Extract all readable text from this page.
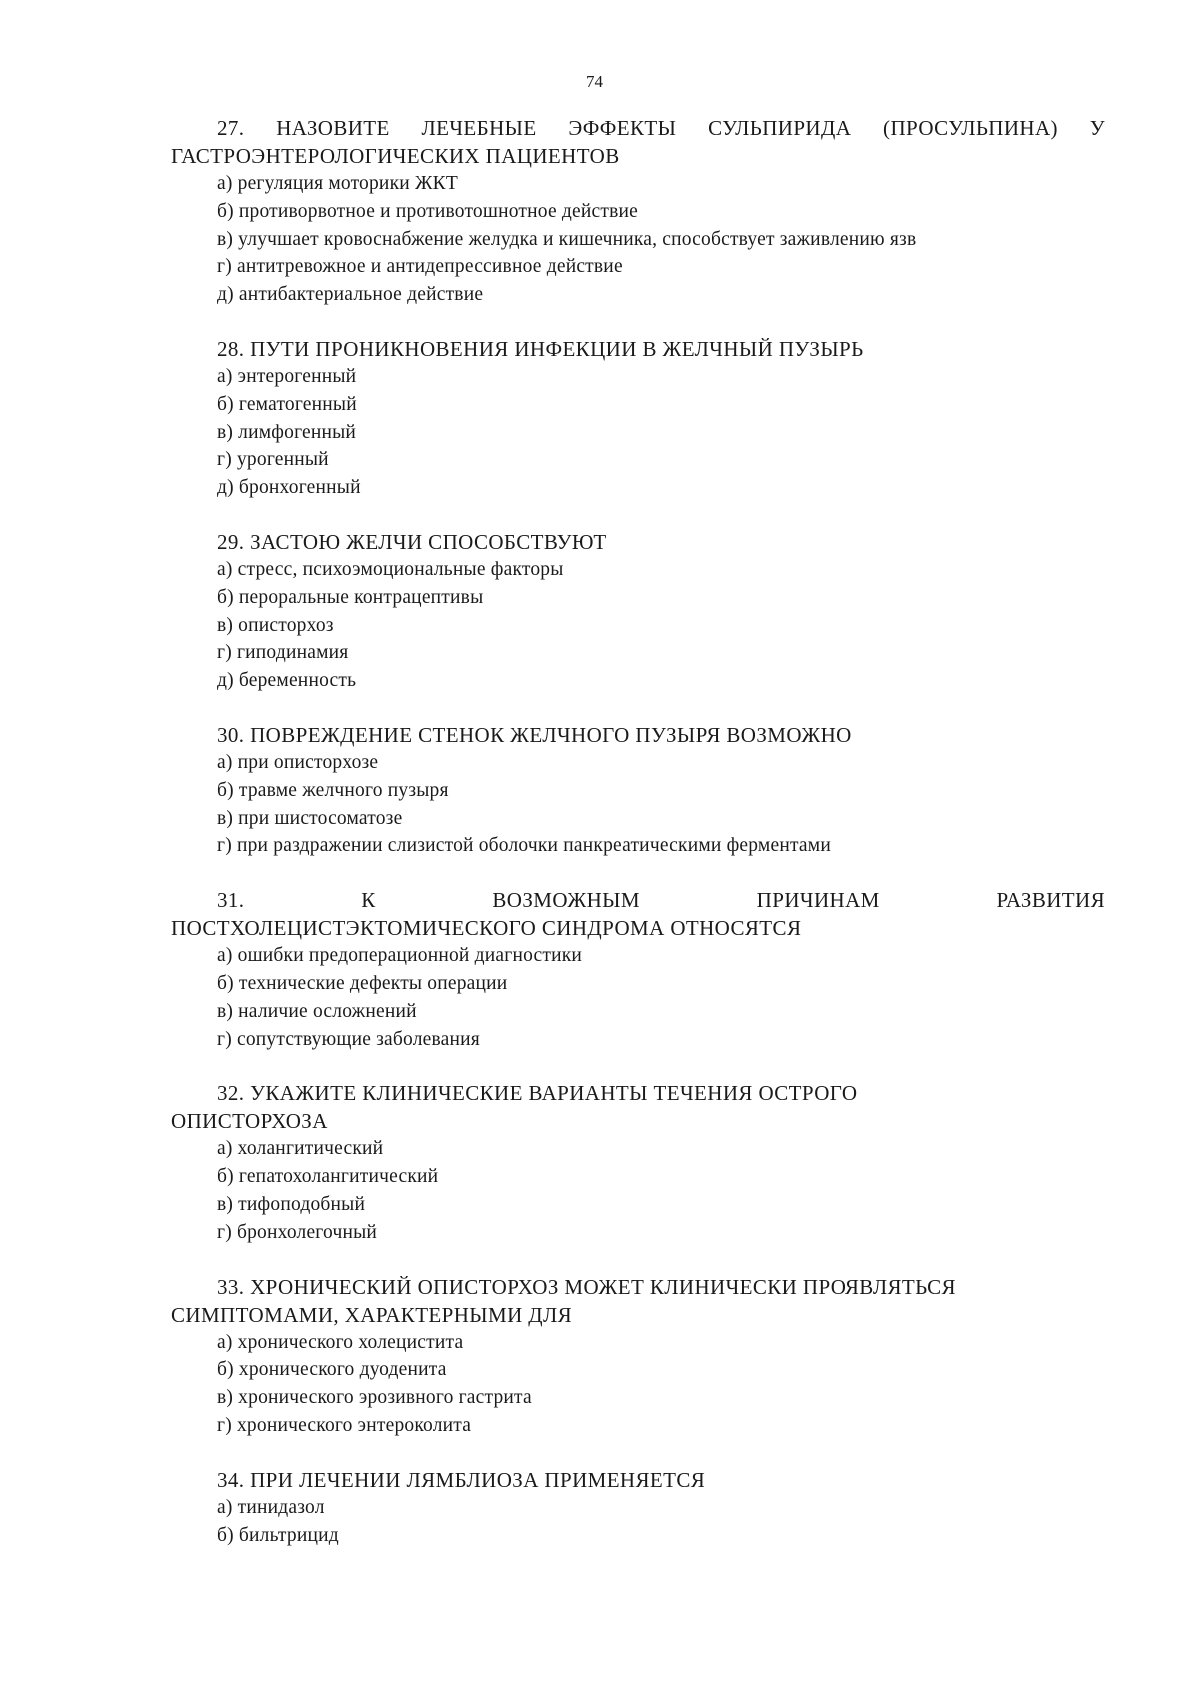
74

27. НАЗОВИТЕ ЛЕЧЕБНЫЕ ЭФФЕКТЫ СУЛЬПИРИДА (ПРОСУЛЬПИНА) У ГАСТРОЭНТЕРОЛОГИЧЕСКИХ ПАЦИЕНТОВ

а) регуляция моторики ЖКТ
б) противорвотное и противотошнотное действие
в) улучшает кровоснабжение желудка и кишечника, способствует заживлению язв
г) антитревожное и антидепрессивное действие
д) антибактериальное действие

28. ПУТИ ПРОНИКНОВЕНИЯ ИНФЕКЦИИ В ЖЕЛЧНЫЙ ПУЗЫРЬ

а) энтерогенный
б) гематогенный
в) лимфогенный
г) урогенный
д) бронхогенный

29. ЗАСТОЮ ЖЕЛЧИ СПОСОБСТВУЮТ

а) стресс, психоэмоциональные факторы
б) пероральные контрацептивы
в) описторхоз
г) гиподинамия
д) беременность

30. ПОВРЕЖДЕНИЕ СТЕНОК ЖЕЛЧНОГО ПУЗЫРЯ ВОЗМОЖНО

а) при описторхозе
б) травме желчного пузыря
в) при шистосоматозе
г) при раздражении слизистой оболочки панкреатическими ферментами
31. К ВОЗМОЖНЫМ ПРИЧИНАМ РАЗВИТИЯ
ПОСТХОЛЕЦИСТЭКТОМИЧЕСКОГО СИНДРОМА ОТНОСЯТСЯ
а) ошибки предоперационной диагностики
б) технические дефекты операции
в) наличие осложнений
г) сопутствующие заболевания
32. УКАЖИТЕ КЛИНИЧЕСКИЕ ВАРИАНТЫ ТЕЧЕНИЯ ОСТРОГО
ОПИСТОРХОЗА
а) холангитический
б) гепатохолангитический
в) тифоподобный
г) бронхолегочный
33. ХРОНИЧЕСКИЙ ОПИСТОРХОЗ МОЖЕТ КЛИНИЧЕСКИ ПРОЯВЛЯТЬСЯ
СИМПТОМАМИ, ХАРАКТЕРНЫМИ ДЛЯ
а) хронического холецистита
б) хронического дуоденита
в) хронического эрозивного гастрита
г) хронического энтероколита

34. ПРИ ЛЕЧЕНИИ ЛЯМБЛИОЗА ПРИМЕНЯЕТСЯ

а) тинидазол
б) бильтрицид
